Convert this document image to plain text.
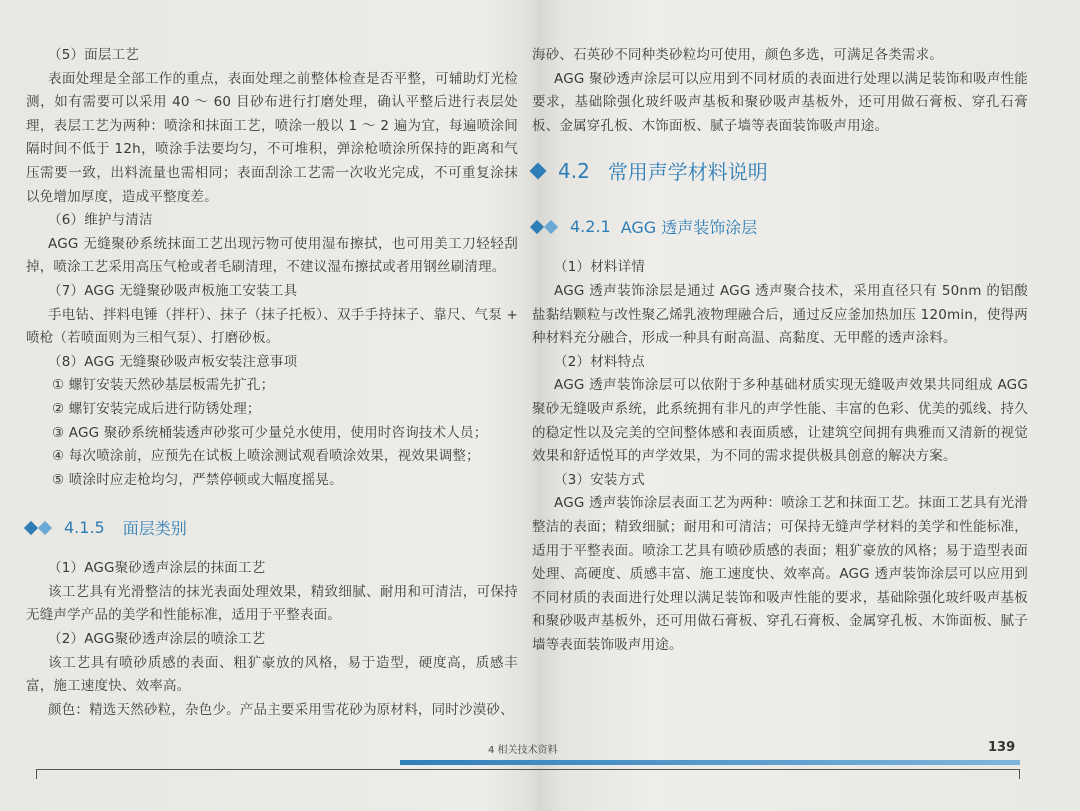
（5）面层工艺

表面处理是全部工作的重点，表面处理之前整体检查是否平整，可辅助灯光检测，如有需要可以采用 40 ～ 60 目砂布进行打磨处理，确认平整后进行表层处理，表层工艺为两种：喷涂和抹面工艺，喷涂一般以 1 ～ 2 遍为宜，每遍喷涂间隔时间不低于 12h，喷涂手法要均匀，不可堆积，弹涂枪喷涂所保持的距离和气压需要一致，出料流量也需相同；表面刮涂工艺需一次收光完成，不可重复涂抹以免增加厚度，造成平整度差。

（6）维护与清洁

AGG 无缝聚砂系统抹面工艺出现污物可使用湿布擦拭，也可用美工刀轻轻刮掉，喷涂工艺采用高压气枪或者毛刷清理，不建议湿布擦拭或者用钢丝刷清理。

（7）AGG 无缝聚砂吸声板施工安装工具

手电钻、拌料电锤（拌杆）、抹子（抹子托板）、双手手持抹子、靠尺、气泵 + 喷枪（若喷面则为三相气泵）、打磨砂板。

（8）AGG 无缝聚砂吸声板安装注意事项

① 螺钉安装天然砂基层板需先扩孔；

② 螺钉安装完成后进行防锈处理；

③ AGG 聚砂系统桶装透声砂浆可少量兑水使用，使用时咨询技术人员；

④ 每次喷涂前，应预先在试板上喷涂测试观看喷涂效果，视效果调整；

⑤ 喷涂时应走枪均匀，严禁停顿或大幅度摇晃。

4.1.5 面层类别

（1）AGG聚砂透声涂层的抹面工艺

该工艺具有光滑整洁的抹光表面处理效果，精致细腻、耐用和可清洁，可保持无缝声学产品的美学和性能标准，适用于平整表面。

（2）AGG聚砂透声涂层的喷涂工艺

该工艺具有喷砂质感的表面、粗犷豪放的风格，易于造型，硬度高，质感丰富，施工速度快、效率高。

颜色：精选天然砂粒，杂色少。产品主要采用雪花砂为原材料，同时沙漠砂、

海砂、石英砂不同种类砂粒均可使用，颜色多选，可满足各类需求。

AGG 聚砂透声涂层可以应用到不同材质的表面进行处理以满足装饰和吸声性能要求，基础除强化玻纤吸声基板和聚砂吸声基板外，还可用做石膏板、穿孔石膏板、金属穿孔板、木饰面板、腻子墙等表面装饰吸声用途。

4.2 常用声学材料说明
4.2.1 AGG 透声装饰涂层

（1）材料详情

AGG 透声装饰涂层是通过 AGG 透声聚合技术，采用直径只有 50nm 的铝酸盐黏结颗粒与改性聚乙烯乳液物理融合后，通过反应釜加热加压 120min，使得两种材料充分融合，形成一种具有耐高温、高黏度、无甲醛的透声涂料。

（2）材料特点

AGG 透声装饰涂层可以依附于多种基础材质实现无缝吸声效果共同组成 AGG 聚砂无缝吸声系统，此系统拥有非凡的声学性能、丰富的色彩、优美的弧线、持久的稳定性以及完美的空间整体感和表面质感，让建筑空间拥有典雅而又清新的视觉效果和舒适悦耳的声学效果，为不同的需求提供极具创意的解决方案。

（3）安装方式

AGG 透声装饰涂层表面工艺为两种：喷涂工艺和抹面工艺。抹面工艺具有光滑整洁的表面；精致细腻；耐用和可清洁；可保持无缝声学材料的美学和性能标准，适用于平整表面。喷涂工艺具有喷砂质感的表面；粗犷豪放的风格；易于造型表面处理、高硬度、质感丰富、施工速度快、效率高。AGG 透声装饰涂层可以应用到不同材质的表面进行处理以满足装饰和吸声性能的要求，基础除强化玻纤吸声基板和聚砂吸声基板外，还可用做石膏板、穿孔石膏板、金属穿孔板、木饰面板、腻子墙等表面装饰吸声用途。

4 相关技术资料	139
